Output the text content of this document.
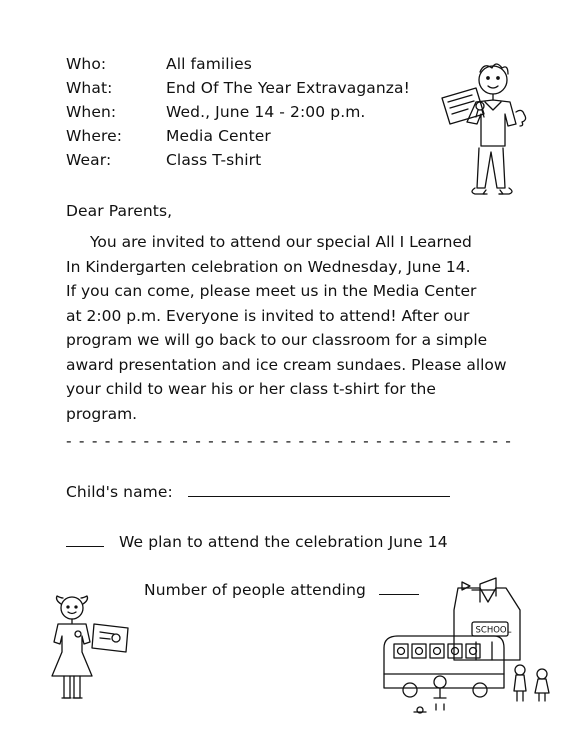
Who:	All families
What:	End Of The Year Extravaganza!
When:	Wed., June 14 - 2:00 p.m.
Where:	Media Center
Wear:	Class T-shirt
Dear Parents,
You are invited to attend our special All I Learned
In Kindergarten celebration on Wednesday, June 14.
If you can come, please meet us in the Media Center
at 2:00 p.m. Everyone is invited to attend! After our
program we will go back to our classroom for a simple
award presentation and ice cream sundaes. Please allow
your child to wear his or her class t-shirt for the
program.
- - - - - - - - - - - - - - - - - - - - - - - - - - - - - - - - - - -
Child's name:
We plan to attend the celebration June 14
Number of people attending
SCHOOL
